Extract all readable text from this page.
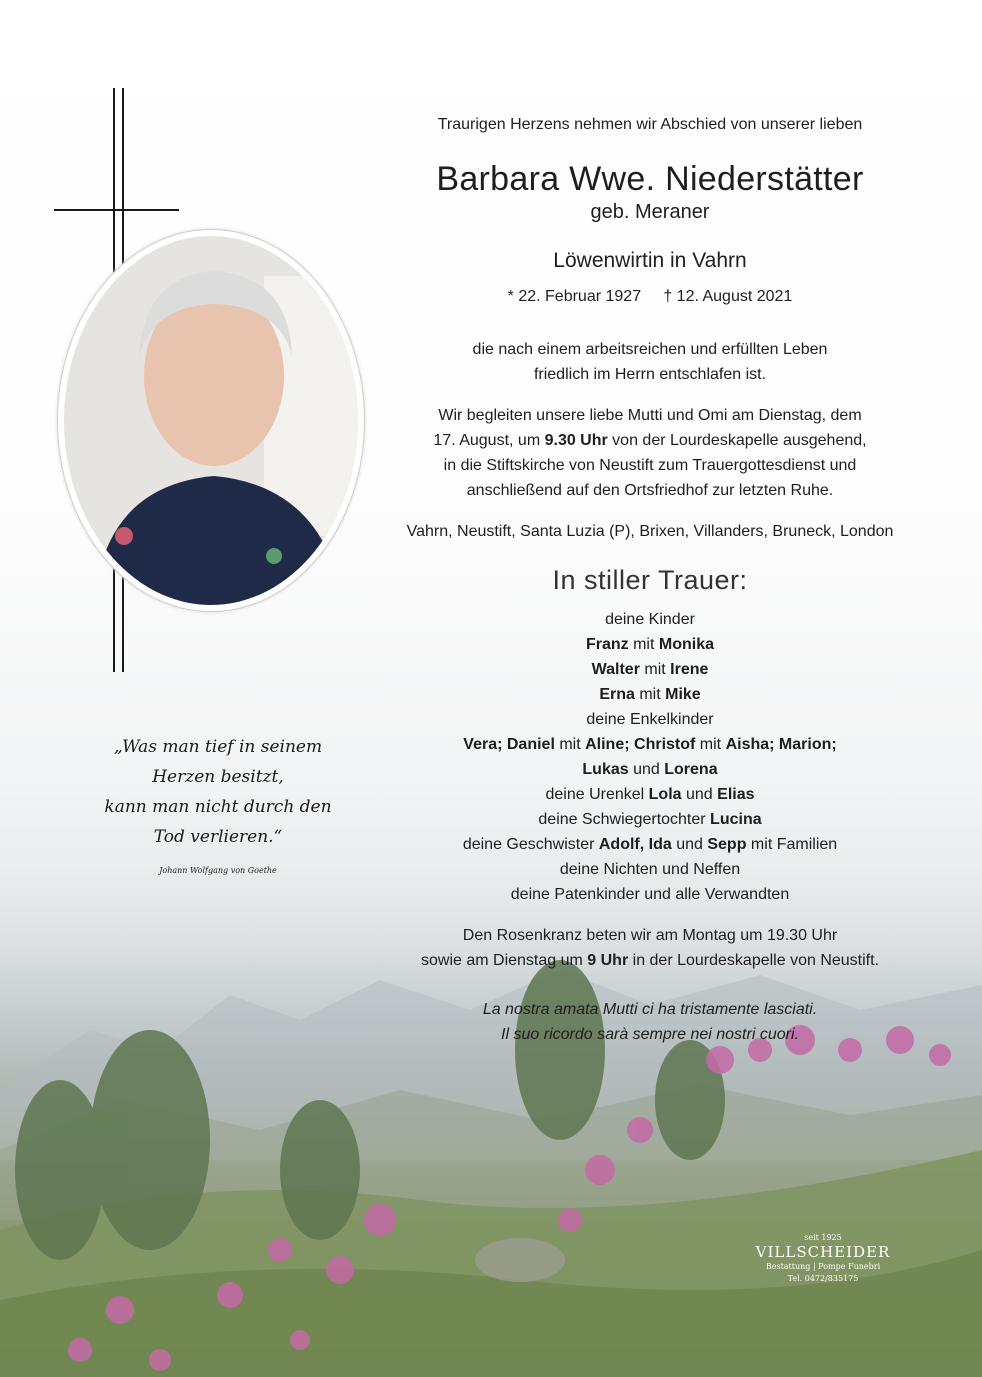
„Was man tief in seinem
Herzen besitzt,
kann man nicht durch den
Tod verlieren.“
Johann Wolfgang von Goethe
Traurigen Herzens nehmen wir Abschied von unserer lieben
Barbara Wwe. Niederstätter
geb. Meraner
Löwenwirtin in Vahrn
* 22. Februar 1927 † 12. August 2021
die nach einem arbeitsreichen und erfüllten Leben
friedlich im Herrn entschlafen ist.
Wir begleiten unsere liebe Mutti und Omi am Dienstag, dem
17. August, um 9.30 Uhr von der Lourdeskapelle ausgehend,
in die Stiftskirche von Neustift zum Trauergottesdienst und
anschließend auf den Ortsfriedhof zur letzten Ruhe.
Vahrn, Neustift, Santa Luzia (P), Brixen, Villanders, Bruneck, London
In stiller Trauer:
deine Kinder
Franz mit Monika
Walter mit Irene
Erna mit Mike
deine Enkelkinder
Vera; Daniel mit Aline; Christof mit Aisha; Marion;
Lukas und Lorena
deine Urenkel Lola und Elias
deine Schwiegertochter Lucina
deine Geschwister Adolf, Ida und Sepp mit Familien
deine Nichten und Neffen
deine Patenkinder und alle Verwandten
Den Rosenkranz beten wir am Montag um 19.30 Uhr
sowie am Dienstag um 9 Uhr in der Lourdeskapelle von Neustift.
La nostra amata Mutti ci ha tristamente lasciati.
Il suo ricordo sarà sempre nei nostri cuori.
seit 1925
VILLSCHEIDER
Bestattung | Pompe Funebri
Tel. 0472/835175
